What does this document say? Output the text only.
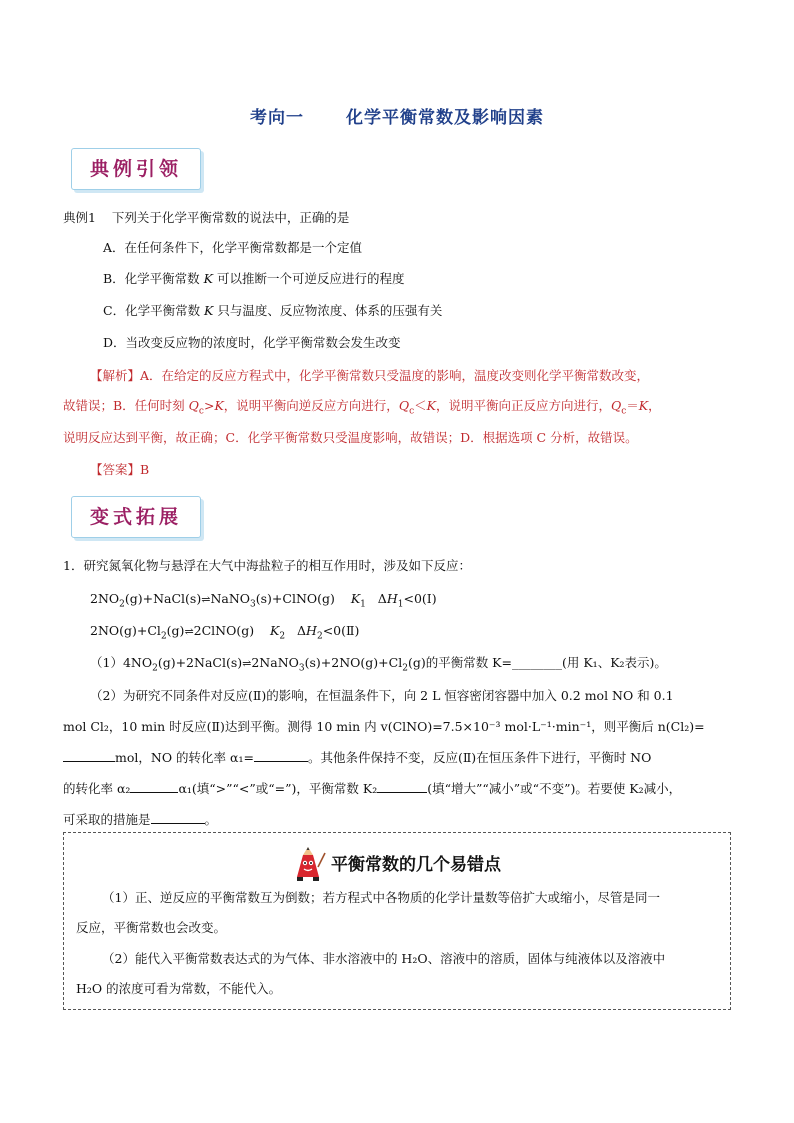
考向一 化学平衡常数及影响因素
典例引领
典例1 下列关于化学平衡常数的说法中，正确的是
A．在任何条件下，化学平衡常数都是一个定值
B．化学平衡常数 K 可以推断一个可逆反应进行的程度
C．化学平衡常数 K 只与温度、反应物浓度、体系的压强有关
D．当改变反应物的浓度时，化学平衡常数会发生改变
【解析】A．在给定的反应方程式中，化学平衡常数只受温度的影响，温度改变则化学平衡常数改变，
故错误；B．任何时刻 $Q_c>K$，说明平衡向逆反应方向进行，$Q_c<K$，说明平衡向正反应方向进行，$Q_c=K$，
说明反应达到平衡，故正确；C．化学平衡常数只受温度影响，故错误；D．根据选项 C 分析，故错误。
【答案】B
变式拓展
1．研究氮氧化物与悬浮在大气中海盐粒子的相互作用时，涉及如下反应：
$2NO_2(g)+NaCl(s)\rightleftharpoons NaNO_3(s)+ClNO(g)$    $K_1$   $\Delta H_1<0(Ⅰ)$
$2NO(g)+Cl_2(g)\rightleftharpoons 2ClNO(g)$    $K_2$   $\Delta H_2<0(Ⅱ)$
$(1)4NO_2(g)+2NaCl(s)\rightleftharpoons 2NaNO_3(s)+2NO(g)+Cl_2(g)$的平衡常数 K=________(用 K₁、K₂表示)。
（2）为研究不同条件对反应(Ⅱ)的影响，在恒温条件下，向 2 L 恒容密闭容器中加入 0.2 mol NO 和 0.1
mol Cl₂，10 min 时反应(Ⅱ)达到平衡。测得 10 min 内 v(ClNO)=7.5×10⁻³ mol·L⁻¹·min⁻¹，则平衡后 n(Cl₂)=
mol，NO 的转化率 α₁=	。其他条件保持不变，反应(Ⅱ)在恒压条件下进行，平衡时 NO
的转化率 α₂	α₁(填“>”“<”或“=”)，平衡常数 K₂	(填“增大”“减小”或“不变”)。若要使 K₂减小，
可采取的措施是	。
平衡常数的几个易错点
（1）正、逆反应的平衡常数互为倒数；若方程式中各物质的化学计量数等倍扩大或缩小，尽管是同一
反应，平衡常数也会改变。
（2）能代入平衡常数表达式的为气体、非水溶液中的 H₂O、溶液中的溶质，固体与纯液体以及溶液中
H₂O 的浓度可看为常数，不能代入。
